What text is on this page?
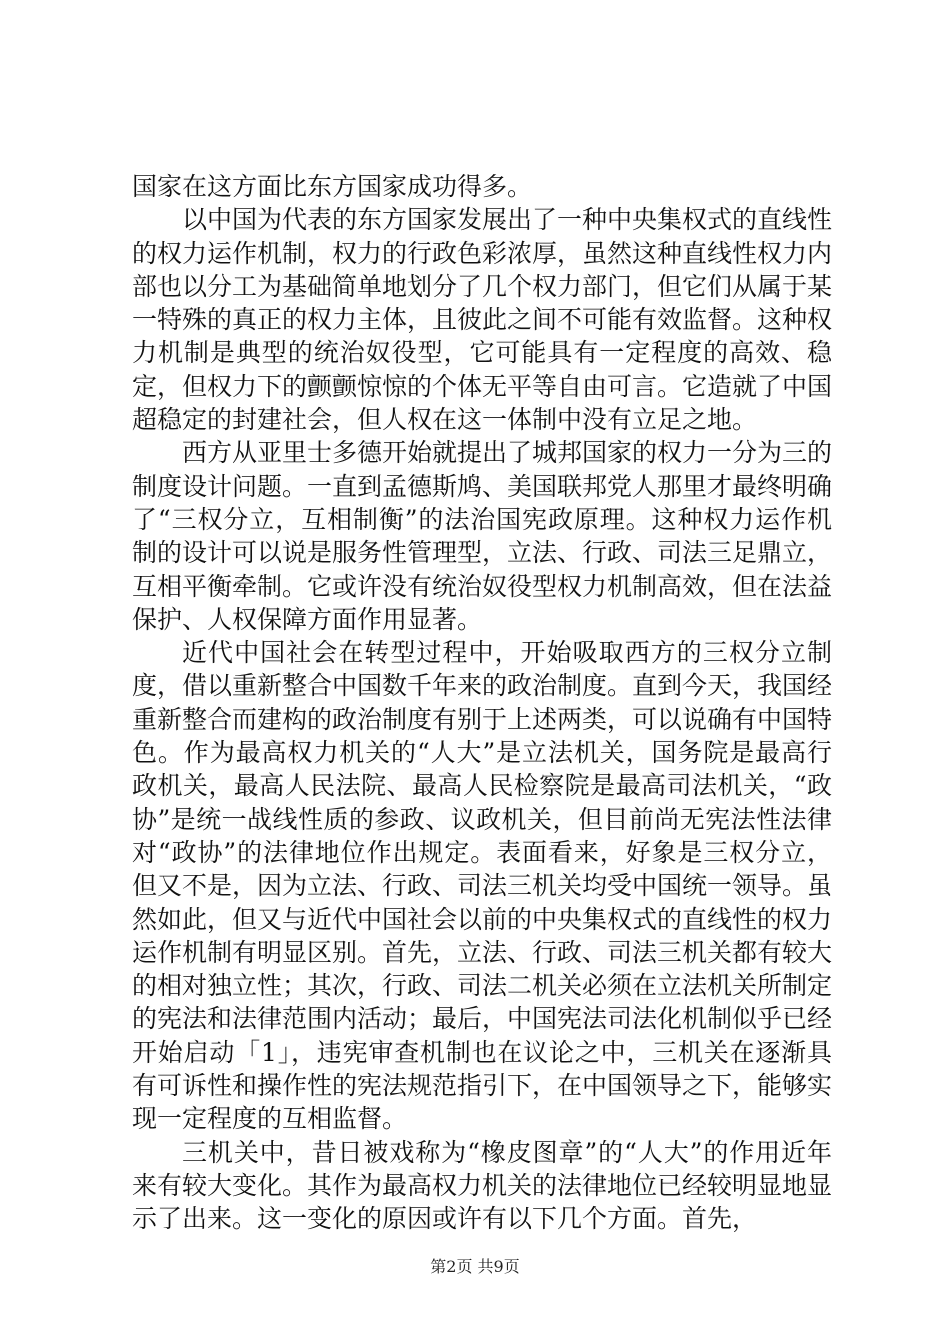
国家在这方面比东方国家成功得多。

以中国为代表的东方国家发展出了一种中央集权式的直线性的权力运作机制，权力的行政色彩浓厚，虽然这种直线性权力内部也以分工为基础简单地划分了几个权力部门，但它们从属于某一特殊的真正的权力主体，且彼此之间不可能有效监督。这种权力机制是典型的统治奴役型，它可能具有一定程度的高效、稳定，但权力下的颤颤惊惊的个体无平等自由可言。它造就了中国超稳定的封建社会，但人权在这一体制中没有立足之地。

西方从亚里士多德开始就提出了城邦国家的权力一分为三的制度设计问题。一直到孟德斯鸠、美国联邦党人那里才最终明确了“三权分立，互相制衡”的法治国宪政原理。这种权力运作机制的设计可以说是服务性管理型，立法、行政、司法三足鼎立，互相平衡牵制。它或许没有统治奴役型权力机制高效，但在法益保护、人权保障方面作用显著。

近代中国社会在转型过程中，开始吸取西方的三权分立制度，借以重新整合中国数千年来的政治制度。直到今天，我国经重新整合而建构的政治制度有别于上述两类，可以说确有中国特色。作为最高权力机关的“人大”是立法机关，国务院是最高行政机关，最高人民法院、最高人民检察院是最高司法机关，“政协”是统一战线性质的参政、议政机关，但目前尚无宪法性法律对“政协”的法律地位作出规定。表面看来，好象是三权分立，但又不是，因为立法、行政、司法三机关均受中国统一领导。虽然如此，但又与近代中国社会以前的中央集权式的直线性的权力运作机制有明显区别。首先，立法、行政、司法三机关都有较大的相对独立性；其次，行政、司法二机关必须在立法机关所制定的宪法和法律范围内活动；最后，中国宪法司法化机制似乎已经开始启动「1」，违宪审查机制也在议论之中，三机关在逐渐具有可诉性和操作性的宪法规范指引下，在中国领导之下，能够实现一定程度的互相监督。

三机关中，昔日被戏称为“橡皮图章”的“人大”的作用近年来有较大变化。其作为最高权力机关的法律地位已经较明显地显示了出来。这一变化的原因或许有以下几个方面。首先，

第2页 共9页
